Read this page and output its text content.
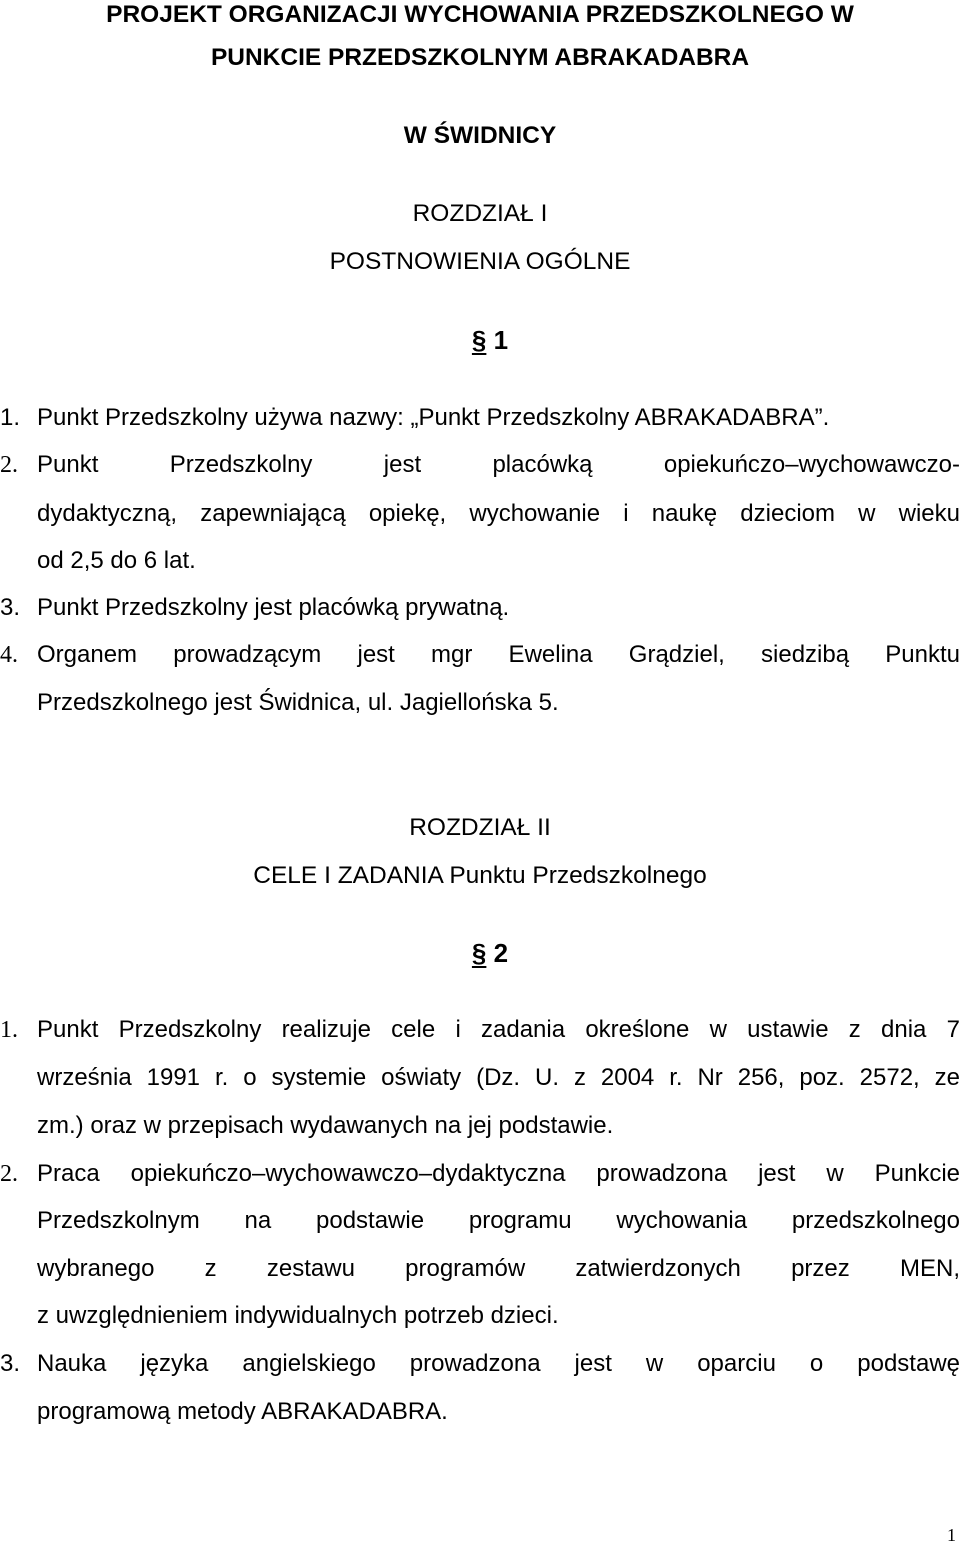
PROJEKT ORGANIZACJI WYCHOWANIA PRZEDSZKOLNEGO W
PUNKCIE PRZEDSZKOLNYM ABRAKADABRA
W ŚWIDNICY
ROZDZIAŁ I
POSTNOWIENIA OGÓLNE
§ 1
1. Punkt Przedszkolny używa nazwy: „Punkt Przedszkolny ABRAKADABRA”.
2. Punkt Przedszkolny jest placówką opiekuńczo–wychowawczo-
dydaktyczną, zapewniającą opiekę, wychowanie i naukę dzieciom w wieku
od 2,5 do 6 lat.
3. Punkt Przedszkolny jest placówką prywatną.
4. Organem prowadzącym jest mgr Ewelina Grądziel, siedzibą Punktu
Przedszkolnego jest Świdnica, ul. Jagiellońska 5.
ROZDZIAŁ II
CELE I ZADANIA Punktu Przedszkolnego
§ 2
1. Punkt Przedszkolny realizuje cele i zadania określone w ustawie z dnia 7
września 1991 r. o systemie oświaty (Dz. U. z 2004 r. Nr 256, poz. 2572, ze
zm.) oraz w przepisach wydawanych na jej podstawie.
2. Praca opiekuńczo–wychowawczo–dydaktyczna prowadzona jest w Punkcie
Przedszkolnym na podstawie programu wychowania przedszkolnego
wybranego z zestawu programów zatwierdzonych przez MEN,
z uwzględnieniem indywidualnych potrzeb dzieci.
3. Nauka języka angielskiego prowadzona jest w oparciu o podstawę
programową metody ABRAKADABRA.
1
